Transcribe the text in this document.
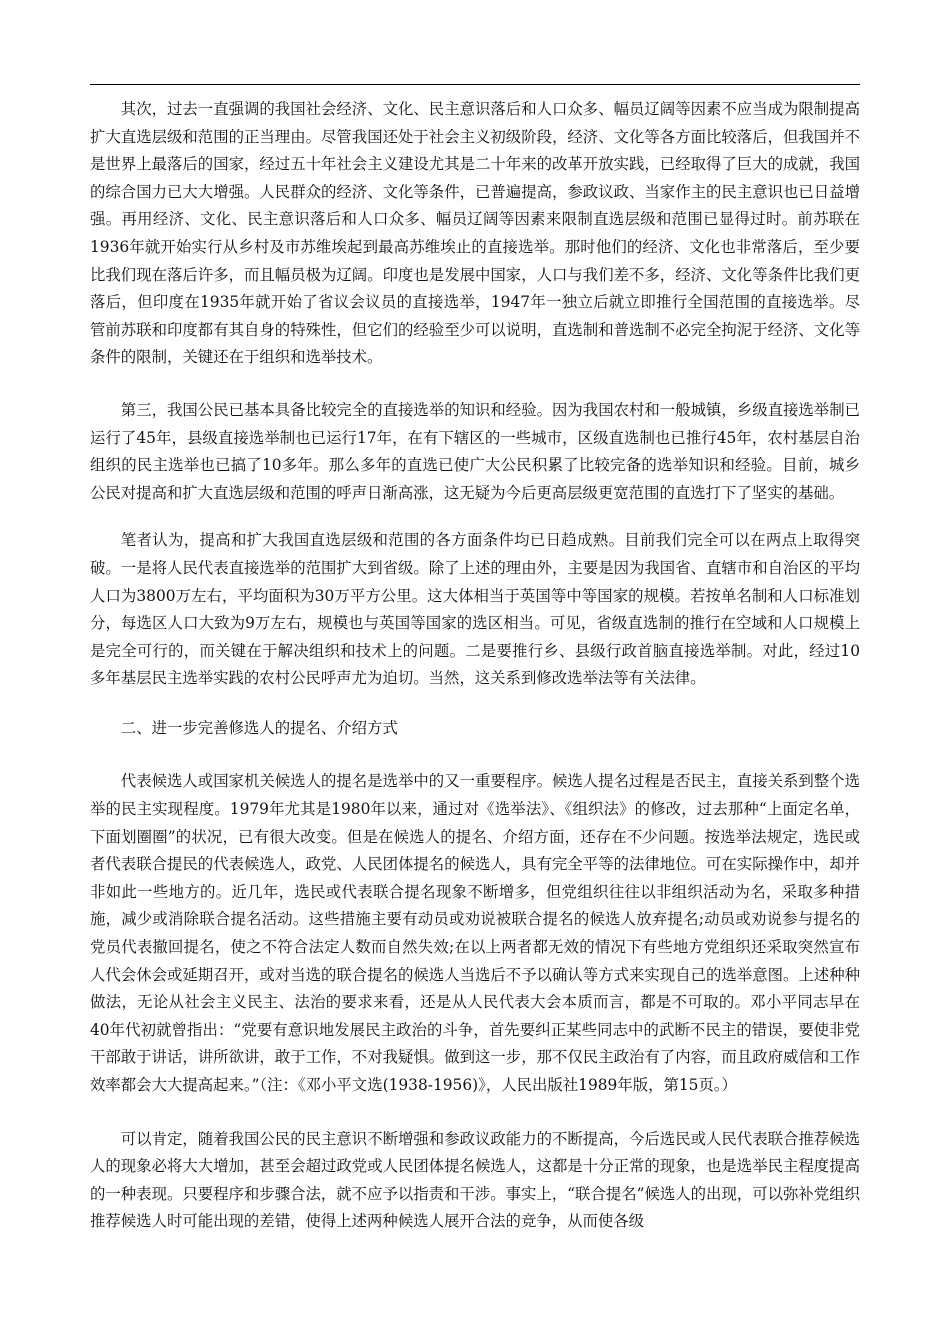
其次，过去一直强调的我国社会经济、文化、民主意识落后和人口众多、幅员辽阔等因素不应当成为限制提高扩大直选层级和范围的正当理由。尽管我国还处于社会主义初级阶段，经济、文化等各方面比较落后，但我国并不是世界上最落后的国家，经过五十年社会主义建设尤其是二十年来的改革开放实践，已经取得了巨大的成就，我国的综合国力已大大增强。人民群众的经济、文化等条件，已普遍提高，参政议政、当家作主的民主意识也已日益增强。再用经济、文化、民主意识落后和人口众多、幅员辽阔等因素来限制直选层级和范围已显得过时。前苏联在1936年就开始实行从乡村及市苏维埃起到最高苏维埃止的直接选举。那时他们的经济、文化也非常落后，至少要比我们现在落后许多，而且幅员极为辽阔。印度也是发展中国家，人口与我们差不多，经济、文化等条件比我们更落后，但印度在1935年就开始了省议会议员的直接选举，1947年一独立后就立即推行全国范围的直接选举。尽管前苏联和印度都有其自身的特殊性，但它们的经验至少可以说明，直选制和普选制不必完全拘泥于经济、文化等条件的限制，关键还在于组织和选举技术。

第三，我国公民已基本具备比较完全的直接选举的知识和经验。因为我国农村和一般城镇，乡级直接选举制已运行了45年，县级直接选举制也已运行17年，在有下辖区的一些城市，区级直选制也已推行45年，农村基层自治组织的民主选举也已搞了10多年。那么多年的直选已使广大公民积累了比较完备的选举知识和经验。目前，城乡公民对提高和扩大直选层级和范围的呼声日渐高涨，这无疑为今后更高层级更宽范围的直选打下了坚实的基础。

笔者认为，提高和扩大我国直选层级和范围的各方面条件均已日趋成熟。目前我们完全可以在两点上取得突破。一是将人民代表直接选举的范围扩大到省级。除了上述的理由外，主要是因为我国省、直辖市和自治区的平均人口为3800万左右，平均面积为30万平方公里。这大体相当于英国等中等国家的规模。若按单名制和人口标准划分，每选区人口大致为9万左右，规模也与英国等国家的选区相当。可见，省级直选制的推行在空域和人口规模上是完全可行的，而关键在于解决组织和技术上的问题。二是要推行乡、县级行政首脑直接选举制。对此，经过10多年基层民主选举实践的农村公民呼声尤为迫切。当然，这关系到修改选举法等有关法律。

二、进一步完善修选人的提名、介绍方式

代表候选人或国家机关候选人的提名是选举中的又一重要程序。候选人提名过程是否民主，直接关系到整个选举的民主实现程度。1979年尤其是1980年以来，通过对《选举法》、《组织法》的修改，过去那种“上面定名单，下面划圈圈”的状况，已有很大改变。但是在候选人的提名、介绍方面，还存在不少问题。按选举法规定，选民或者代表联合提民的代表候选人，政党、人民团体提名的候选人，具有完全平等的法律地位。可在实际操作中，却并非如此一些地方的。近几年，选民或代表联合提名现象不断增多，但党组织往往以非组织活动为名，采取多种措施，减少或消除联合提名活动。这些措施主要有动员或劝说被联合提名的候选人放弃提名;动员或劝说参与提名的党员代表撤回提名，使之不符合法定人数而自然失效;在以上两者都无效的情况下有些地方党组织还采取突然宣布人代会休会或延期召开，或对当选的联合提名的候选人当选后不予以确认等方式来实现自己的选举意图。上述种种做法，无论从社会主义民主、法治的要求来看，还是从人民代表大会本质而言，都是不可取的。邓小平同志早在40年代初就曾指出：“党要有意识地发展民主政治的斗争，首先要纠正某些同志中的武断不民主的错误，要使非党干部敢于讲话，讲所欲讲，敢于工作，不对我疑惧。做到这一步，那不仅民主政治有了内容，而且政府威信和工作效率都会大大提高起来。”（注：《邓小平文选(1938-1956)》，人民出版社1989年版，第15页。）

可以肯定，随着我国公民的民主意识不断增强和参政议政能力的不断提高，今后选民或人民代表联合推荐候选人的现象必将大大增加，甚至会超过政党或人民团体提名候选人，这都是十分正常的现象，也是选举民主程度提高的一种表现。只要程序和步骤合法，就不应予以指责和干涉。事实上，“联合提名”候选人的出现，可以弥补党组织推荐候选人时可能出现的差错，使得上述两种候选人展开合法的竞争，从而使各级
